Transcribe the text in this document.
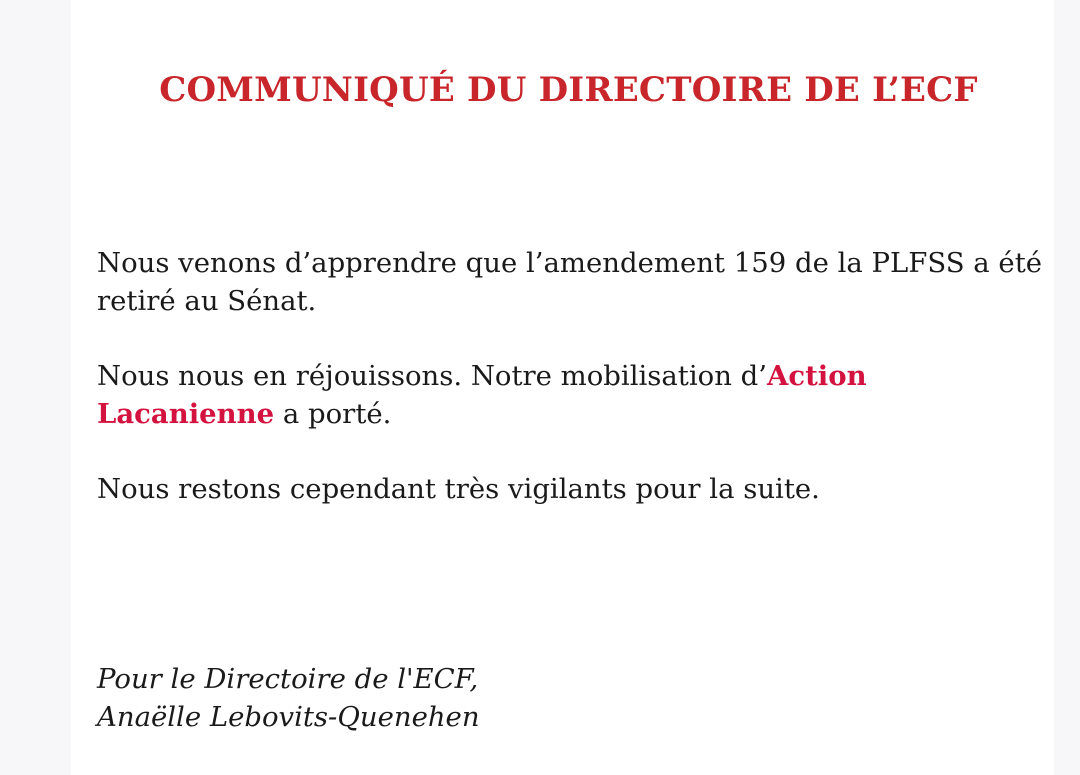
COMMUNIQUÉ DU DIRECTOIRE DE L’ECF

Nous venons d’apprendre que l’amendement 159 de la PLFSS a été retiré au Sénat.

Nous nous en réjouissons. Notre mobilisation d’Action Lacanienne a porté.

Nous restons cependant très vigilants pour la suite.

Pour le Directoire de l'ECF,
Anaëlle Lebovits-Quenehen
